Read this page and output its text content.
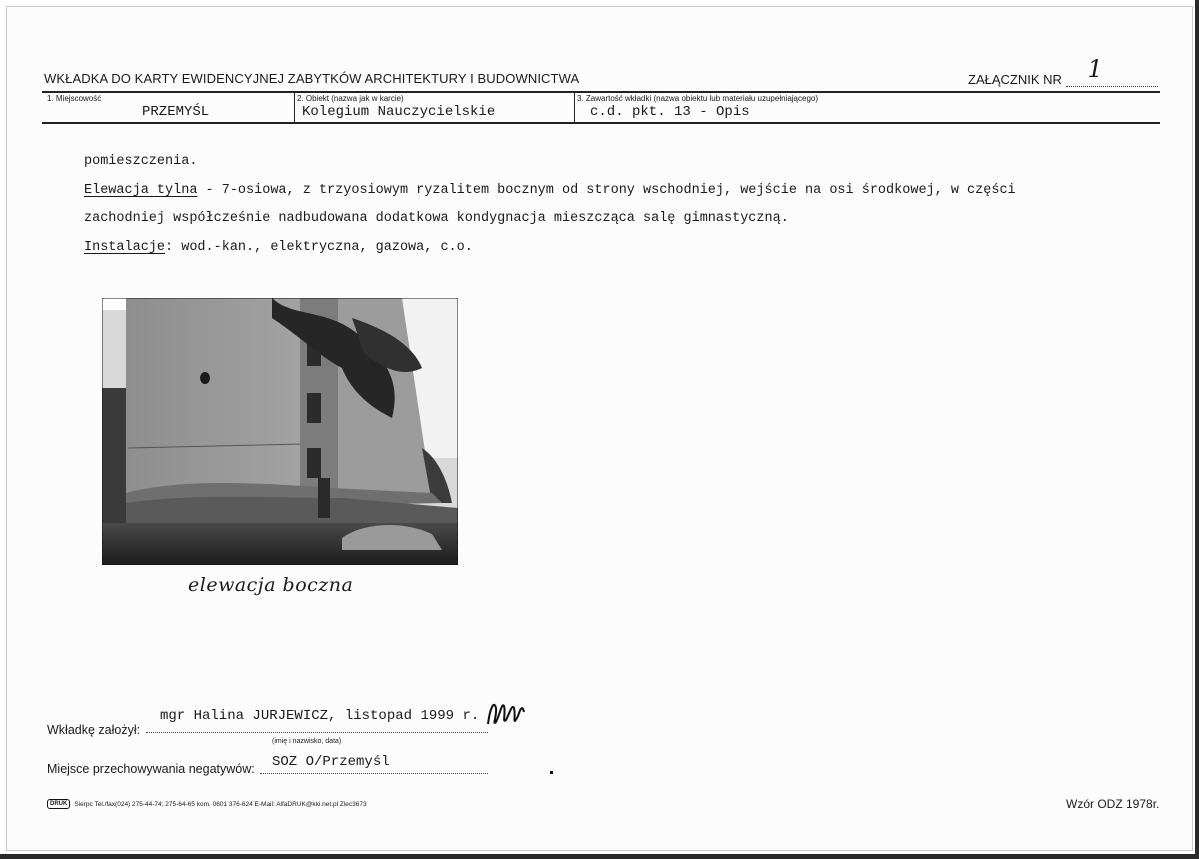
WKŁADKA DO KARTY EWIDENCYJNEJ ZABYTKÓW ARCHITEKTURY I BUDOWNICTWA	ZAŁĄCZNIK NR 1

1. Miejscowość
PRZEMYŚL
2. Obiekt (nazwa jak w karcie)
Kolegium Nauczycielskie
3. Zawartość wkładki (nazwa obiektu lub materiału uzupełniającego)
c.d. pkt. 13 - Opis
pomieszczenia.
Elewacja tylna - 7-osiowa, z trzyosiowym ryzalitem bocznym od strony wschodniej, wejście na osi środkowej, w części
zachodniej współcześnie nadbudowana dodatkowa kondygnacja mieszcząca salę gimnastyczną.
Instalacje: wod.-kan., elektryczna, gazowa, c.o.
elewacja boczna
Wkładkę założył:
mgr Halina JURJEWICZ, listopad 1999 r.
(imię i nazwisko, data)
Miejsce przechowywania negatywów: SOZ O/Przemyśl
DRUK	Sierpc Tel./fax(024) 275-44-74; 275-64-65 kom. 0601 376-624 E-Mail: AlfaDRUK@kki.net.pl Zlec3673	Wzór ODZ 1978r.
